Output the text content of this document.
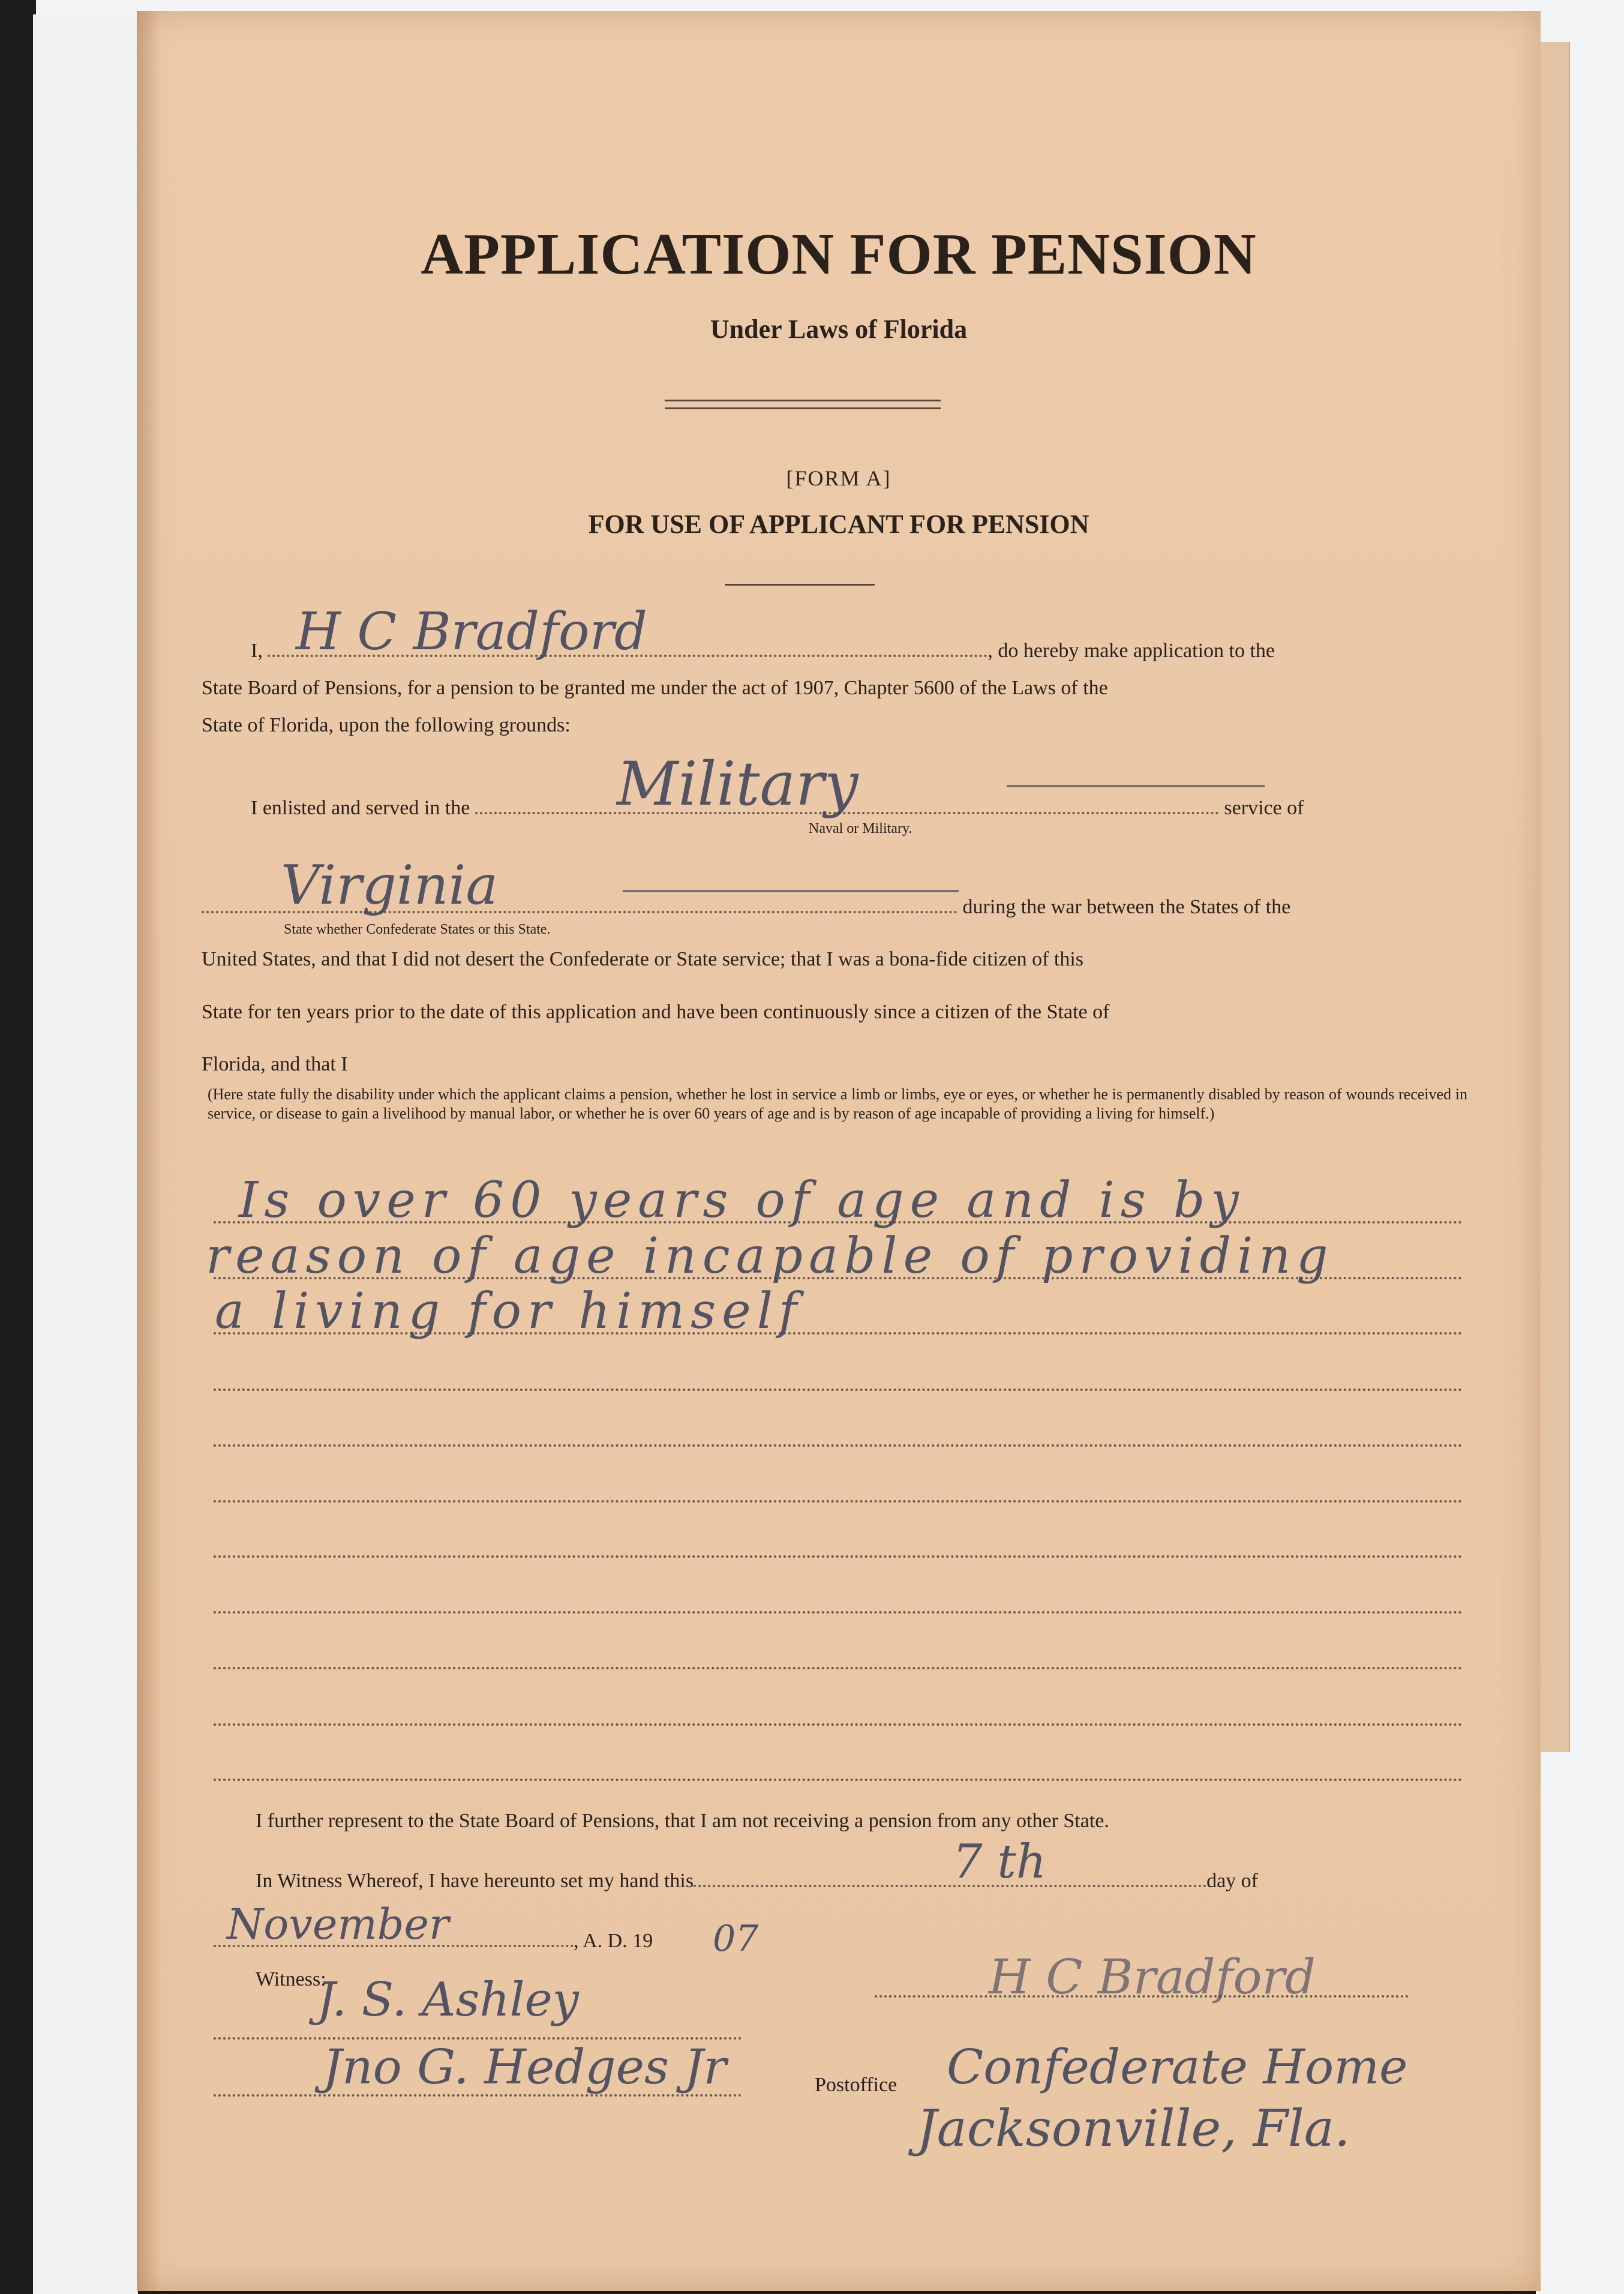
APPLICATION FOR PENSION
Under Laws of Florida
[FORM A]
FOR USE OF APPLICANT FOR PENSION
I,	, do hereby make application to the
H C Bradford
State Board of Pensions, for a pension to be granted me under the act of 1907, Chapter 5600 of the Laws of the
State of Florida, upon the following grounds:
I enlisted and served in the	service of
Military
Naval or Military.
during the war between the States of the
Virginia
State whether Confederate States or this State.
United States, and that I did not desert the Confederate or State service; that I was a bona-fide citizen of this
State for ten years prior to the date of this application and have been continuously since a citizen of the State of
Florida, and that I
(Here state fully the disability under which the applicant claims a pension, whether he lost in service a limb or limbs, eye or eyes, or whether he is permanently disabled by reason of wounds received in service, or disease to gain a livelihood by manual labor, or whether he is over 60 years of age and is by reason of age incapable of providing a living for himself.)
Is over 60 years of age and is by
reason of age incapable of providing
a living for himself
I further represent to the State Board of Pensions, that I am not receiving a pension from any other State.
In Witness Whereof, I have hereunto set my hand this	day of
7 th
, A. D. 19 07
November
Witness:
J. S. Ashley
Jno G. Hedges Jr
H C Bradford
Postoffice Confederate Home
Jacksonville, Fla.
